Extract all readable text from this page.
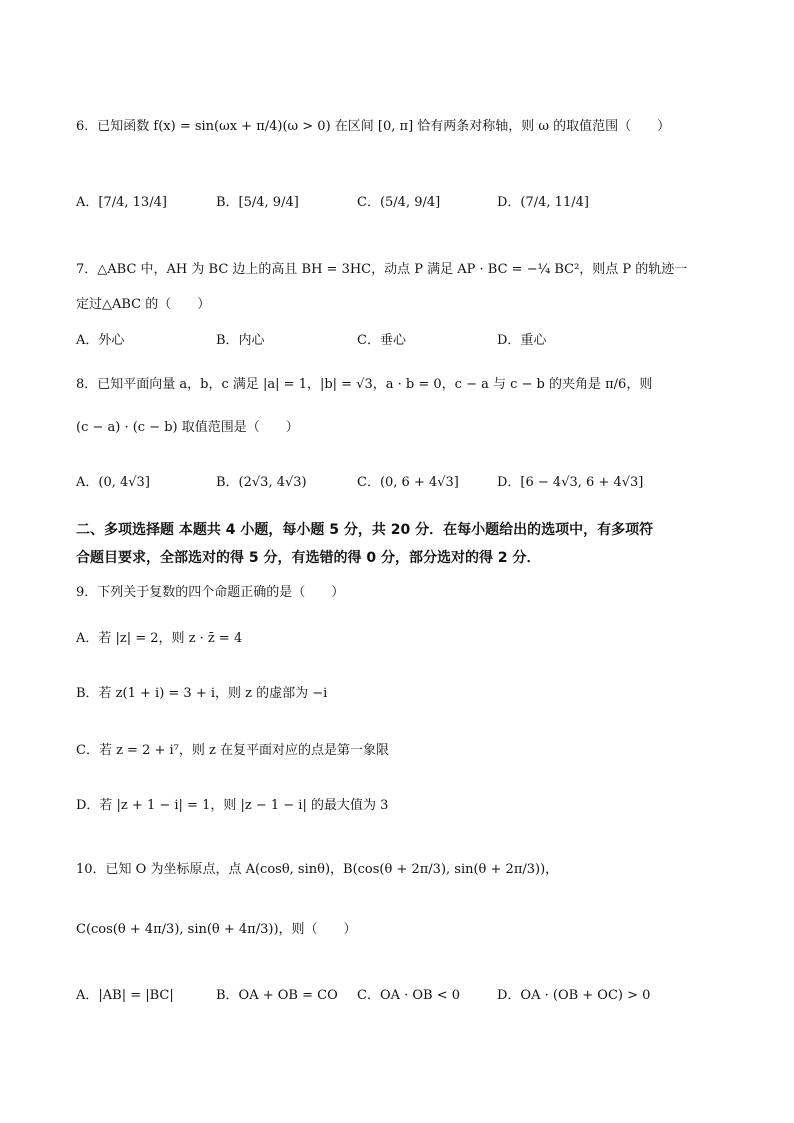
6．已知函数 f(x) = sin(ωx + π/4)(ω > 0) 在区间 [0, π] 恰有两条对称轴，则 ω 的取值范围（　　）
A．[7/4, 13/4]	B．[5/4, 9/4]	C．(5/4, 9/4]	D．(7/4, 11/4]
7．△ABC 中，AH 为 BC 边上的高且 BH = 3HC，动点 P 满足 AP · BC = −¼ BC²，则点 P 的轨迹一
定过△ABC 的（　　）
A．外心	B．内心	C．垂心	D．重心
8．已知平面向量 a，b，c 满足 |a| = 1，|b| = √3，a · b = 0，c − a 与 c − b 的夹角是 π/6，则
(c − a) · (c − b) 取值范围是（　　）
A．(0, 4√3]	B．(2√3, 4√3)	C．(0, 6 + 4√3]	D．[6 − 4√3, 6 + 4√3]
二、多项选择题 本题共 4 小题，每小题 5 分，共 20 分．在每小题给出的选项中，有多项符
合题目要求，全部选对的得 5 分，有选错的得 0 分，部分选对的得 2 分．
9．下列关于复数的四个命题正确的是（　　）
A．若 |z| = 2，则 z · z̄ = 4
B．若 z(1 + i) = 3 + i，则 z 的虚部为 −i
C．若 z = 2 + i⁷，则 z 在复平面对应的点是第一象限
D．若 |z + 1 − i| = 1，则 |z − 1 − i| 的最大值为 3
10．已知 O 为坐标原点，点 A(cosθ, sinθ)，B(cos(θ + 2π/3), sin(θ + 2π/3))，
C(cos(θ + 4π/3), sin(θ + 4π/3))，则（　　）
A．|AB| = |BC|	B．OA + OB = CO C．OA · OB < 0	D．OA · (OB + OC) > 0
